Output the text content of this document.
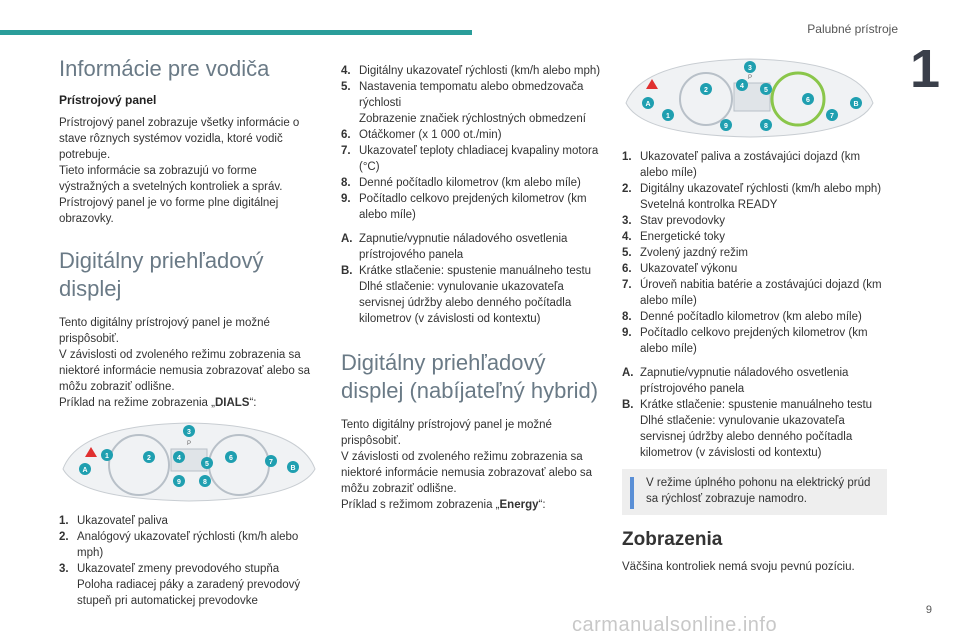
Palubné prístroje
1
Informácie pre vodiča
Prístrojový panel

Prístrojový panel zobrazuje všetky informácie o stave rôznych systémov vozidla, ktoré vodič potrebuje.

Tieto informácie sa zobrazujú vo forme výstražných a svetelných kontroliek a správ.

Prístrojový panel je vo forme plne digitálnej obrazovky.

Digitálny priehľadový displej

Tento digitálny prístrojový panel je možné prispôsobiť.

V závislosti od zvoleného režimu zobrazenia sa niektoré informácie nemusia zobrazovať alebo sa môžu zobraziť odlišne.

Príklad na režime zobrazenia „DIALS“:

P
A
1	2
3
4
5
6
7
8
9
B
1. Ukazovateľ paliva
2. Analógový ukazovateľ rýchlosti (km/h alebo mph)
3. Ukazovateľ zmeny prevodového stupňa
Poloha radiacej páky a zaradený prevodový stupeň pri automatickej prevodovke
4. Digitálny ukazovateľ rýchlosti (km/h alebo mph)
5. Nastavenia tempomatu alebo obmedzovača rýchlosti
Zobrazenie značiek rýchlostných obmedzení
6. Otáčkomer (x 1 000 ot./min)
7. Ukazovateľ teploty chladiacej kvapaliny motora (°C)
8. Denné počítadlo kilometrov (km alebo míle)
9. Počítadlo celkovo prejdených kilometrov (km alebo míle)
A. Zapnutie/vypnutie náladového osvetlenia prístrojového panela
B. Krátke stlačenie: spustenie manuálneho testu
Dlhé stlačenie: vynulovanie ukazovateľa servisnej údržby alebo denného počítadla kilometrov (v závislosti od kontextu)
Digitálny priehľadový displej (nabíjateľný hybrid)

Tento digitálny prístrojový panel je možné prispôsobiť.

V závislosti od zvoleného režimu zobrazenia sa niektoré informácie nemusia zobrazovať alebo sa môžu zobraziť odlišne.

Príklad s režimom zobrazenia „Energy“:

P
A
1
2
3
4
5
6
7
8
9
B
1. Ukazovateľ paliva a zostávajúci dojazd (km alebo míle)
2. Digitálny ukazovateľ rýchlosti (km/h alebo mph)
Svetelná kontrolka READY
3. Stav prevodovky
4. Energetické toky
5. Zvolený jazdný režim
6. Ukazovateľ výkonu
7. Úroveň nabitia batérie a zostávajúci dojazd (km alebo míle)
8. Denné počítadlo kilometrov (km alebo míle)
9. Počítadlo celkovo prejdených kilometrov (km alebo míle)
A. Zapnutie/vypnutie náladového osvetlenia prístrojového panela
B. Krátke stlačenie: spustenie manuálneho testu
Dlhé stlačenie: vynulovanie ukazovateľa servisnej údržby alebo denného počítadla kilometrov (v závislosti od kontextu)
V režime úplného pohonu na elektrický prúd sa rýchlosť zobrazuje namodro.
Zobrazenia

Väčšina kontroliek nemá svoju pevnú pozíciu.

carmanualsonline.info
9
